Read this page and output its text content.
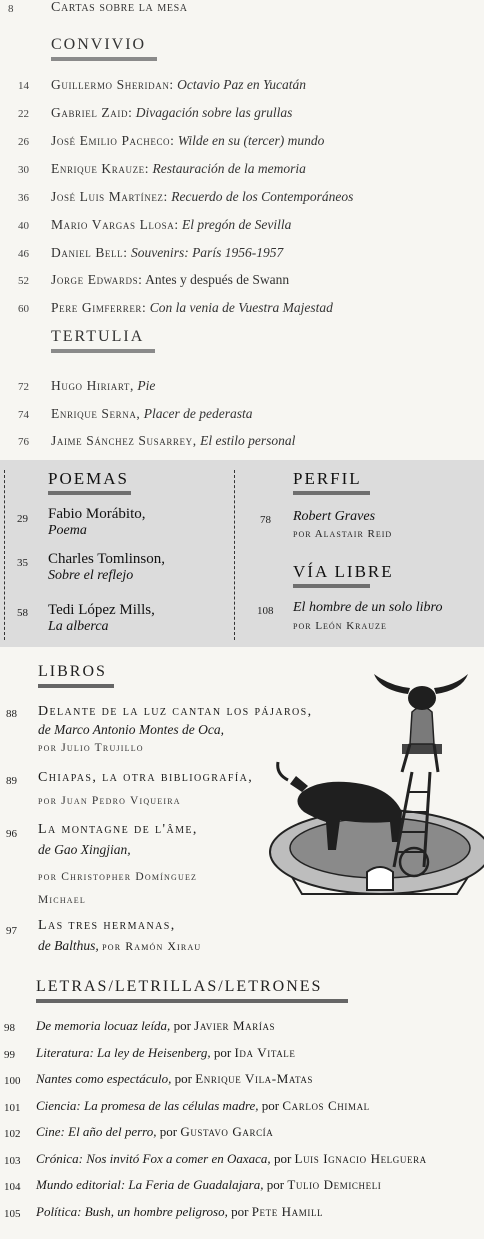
8	Cartas sobre la mesa
CONVIVIO
14 Guillermo Sheridan: Octavio Paz en Yucatán
22 Gabriel Zaid: Divagación sobre las grullas
26 José Emilio Pacheco: Wilde en su (tercer) mundo
30 Enrique Krauze: Restauración de la memoria
36 José Luis Martínez: Recuerdo de los Contemporáneos
40 Mario Vargas Llosa: El pregón de Sevilla
46 Daniel Bell: Souvenirs: París 1956-1957
52 Jorge Edwards: Antes y después de Swann
60 Pere Gimferrer: Con la venia de Vuestra Majestad
TERTULIA
72 Hugo Hiriart, Pie
74 Enrique Serna, Placer de pederasta
76 Jaime Sánchez Susarrey, El estilo personal
POEMAS
29 Fabio Morábito,
Poema
35 Charles Tomlinson,
Sobre el reflejo
58 Tedi López Mills,
La alberca
PERFIL
78 Robert Graves
por Alastair Reid
VÍA LIBRE
108 El hombre de un solo libro
por León Krauze
LIBROS
88 Delante de la luz cantan los pájaros,
de Marco Antonio Montes de Oca,
por Julio Trujillo
89 Chiapas, la otra bibliografía,
por Juan Pedro Viqueira
96 La montagne de l'âme,
de Gao Xingjian,
por Christopher Domínguez
Michael
97 Las tres hermanas,
de Balthus, por Ramón Xirau
LETRAS/LETRILLAS/LETRONES
98 De memoria locuaz leída, por Javier Marías
99 Literatura: La ley de Heisenberg, por Ida Vitale
100 Nantes como espectáculo, por Enrique Vila-Matas
101 Ciencia: La promesa de las células madre, por Carlos Chimal
102 Cine: El año del perro, por Gustavo García
103 Crónica: Nos invitó Fox a comer en Oaxaca, por Luis Ignacio Helguera
104 Mundo editorial: La Feria de Guadalajara, por Tulio Demicheli
105 Política: Bush, un hombre peligroso, por Pete Hamill
